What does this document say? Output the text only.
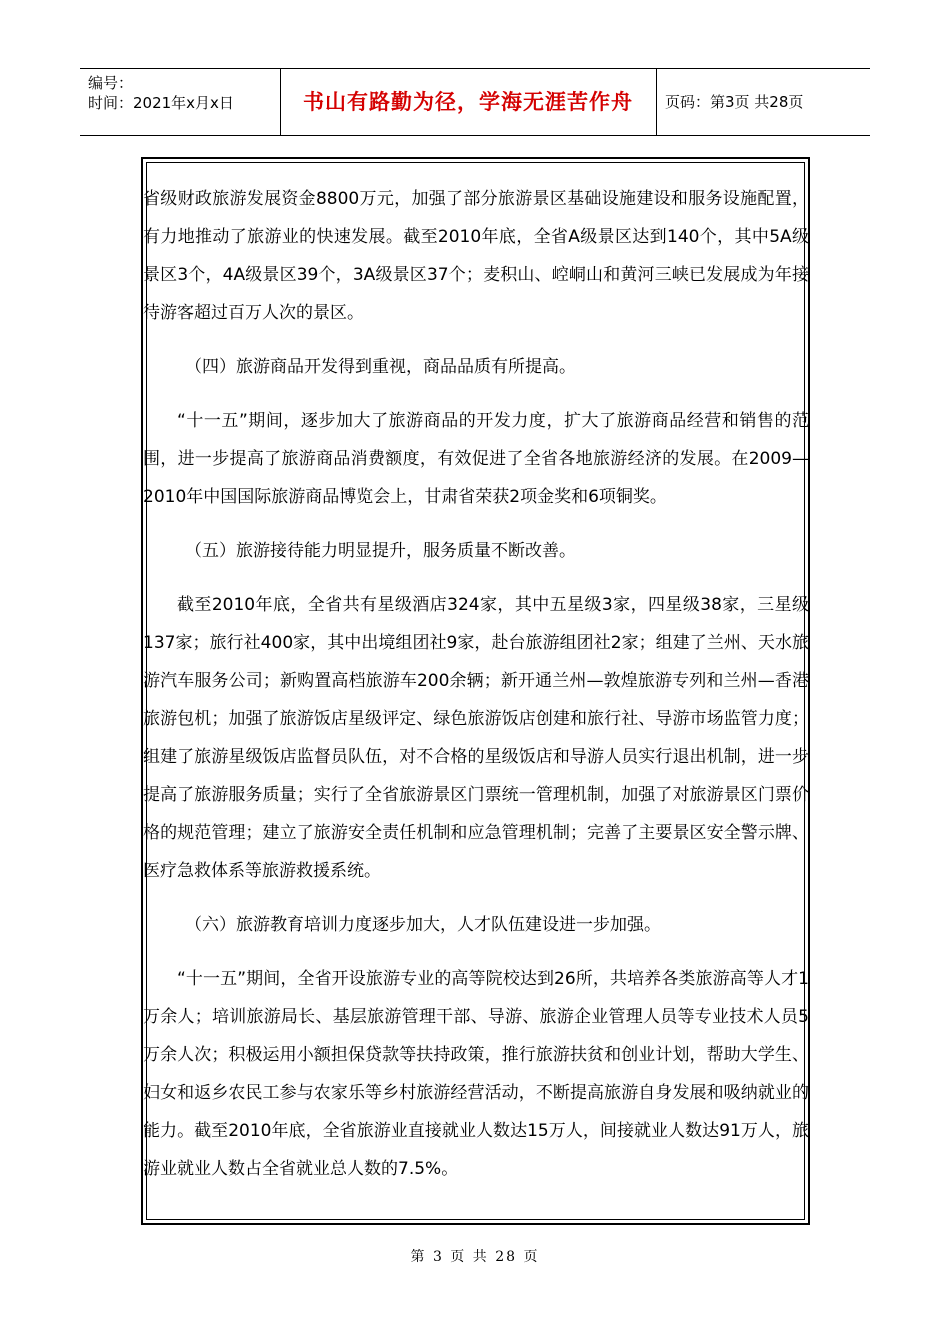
编号：
时间：2021年x月x日	书山有路勤为径，学海无涯苦作舟	页码：第3页 共28页

省级财政旅游发展资金8800万元，加强了部分旅游景区基础设施建设和服务设施配置，有力地推动了旅游业的快速发展。截至2010年底，全省A级景区达到140个，其中5A级景区3个，4A级景区39个，3A级景区37个；麦积山、崆峒山和黄河三峡已发展成为年接待游客超过百万人次的景区。

（四）旅游商品开发得到重视，商品品质有所提高。

“十一五”期间，逐步加大了旅游商品的开发力度，扩大了旅游商品经营和销售的范围，进一步提高了旅游商品消费额度，有效促进了全省各地旅游经济的发展。在2009—2010年中国国际旅游商品博览会上，甘肃省荣获2项金奖和6项铜奖。

（五）旅游接待能力明显提升，服务质量不断改善。

截至2010年底，全省共有星级酒店324家，其中五星级3家，四星级38家，三星级137家；旅行社400家，其中出境组团社9家，赴台旅游组团社2家；组建了兰州、天水旅游汽车服务公司；新购置高档旅游车200余辆；新开通兰州—敦煌旅游专列和兰州—香港旅游包机；加强了旅游饭店星级评定、绿色旅游饭店创建和旅行社、导游市场监管力度；组建了旅游星级饭店监督员队伍，对不合格的星级饭店和导游人员实行退出机制，进一步提高了旅游服务质量；实行了全省旅游景区门票统一管理机制，加强了对旅游景区门票价格的规范管理；建立了旅游安全责任机制和应急管理机制；完善了主要景区安全警示牌、医疗急救体系等旅游救援系统。

（六）旅游教育培训力度逐步加大，人才队伍建设进一步加强。

“十一五”期间，全省开设旅游专业的高等院校达到26所，共培养各类旅游高等人才1万余人；培训旅游局长、基层旅游管理干部、导游、旅游企业管理人员等专业技术人员5万余人次；积极运用小额担保贷款等扶持政策，推行旅游扶贫和创业计划，帮助大学生、妇女和返乡农民工参与农家乐等乡村旅游经营活动，不断提高旅游自身发展和吸纳就业的能力。截至2010年底，全省旅游业直接就业人数达15万人，间接就业人数达91万人，旅游业就业人数占全省就业总人数的7.5%。

第 3 页 共 28 页
